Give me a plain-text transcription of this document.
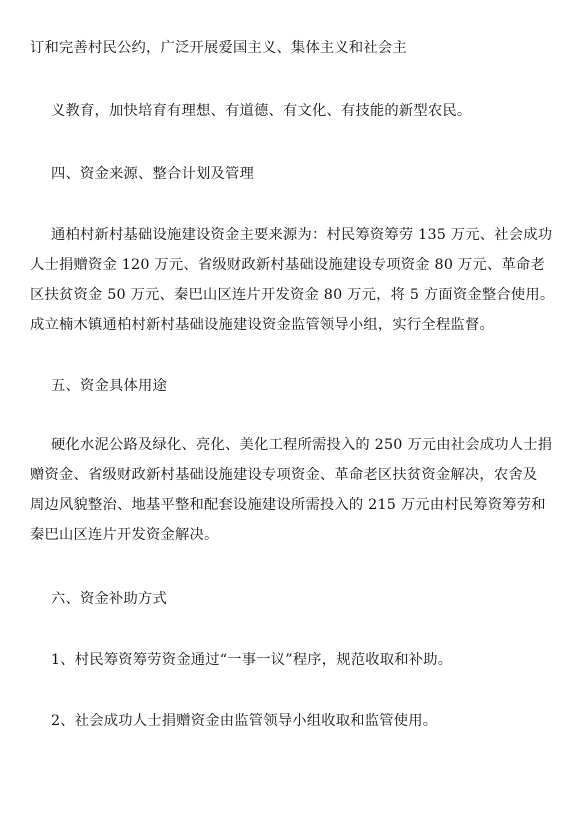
订和完善村民公约，广泛开展爱国主义、集体主义和社会主
义教育，加快培育有理想、有道德、有文化、有技能的新型农民。
四、资金来源、整合计划及管理
通柏村新村基础设施建设资金主要来源为：村民筹资筹劳 135 万元、社会成功
人士捐赠资金 120 万元、省级财政新村基础设施建设专项资金 80 万元、革命老
区扶贫资金 50 万元、秦巴山区连片开发资金 80 万元，将 5 方面资金整合使用。
成立楠木镇通柏村新村基础设施建设资金监管领导小组，实行全程监督。
五、资金具体用途
硬化水泥公路及绿化、亮化、美化工程所需投入的 250 万元由社会成功人士捐
赠资金、省级财政新村基础设施建设专项资金、革命老区扶贫资金解决，农舍及
周边风貌整治、地基平整和配套设施建设所需投入的 215 万元由村民筹资筹劳和
秦巴山区连片开发资金解决。
六、资金补助方式
1、村民筹资筹劳资金通过“一事一议”程序，规范收取和补助。
2、社会成功人士捐赠资金由监管领导小组收取和监管使用。
